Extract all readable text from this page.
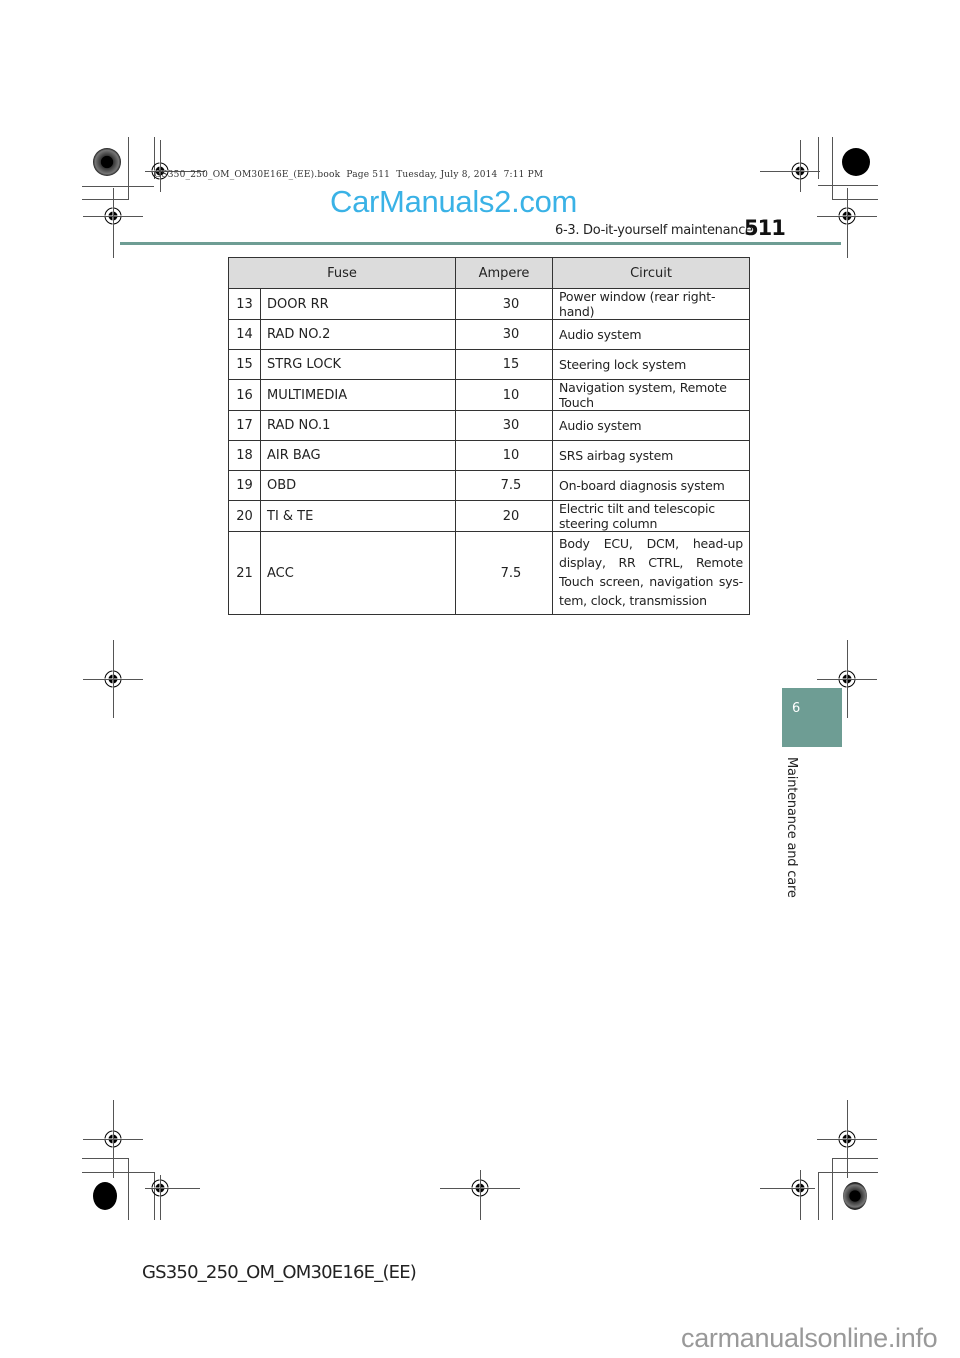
GS350_250_OM_OM30E16E_(EE).book  Page 511  Tuesday, July 8, 2014  7:11 PM
CarManuals2.com
6-3. Do-it-yourself maintenance
511
Fuse		Ampere	Circuit
13	DOOR RR	30	Power window (rear right-hand)
14	RAD NO.2	30	Audio system
15	STRG LOCK	15	Steering lock system
16	MULTIMEDIA	10	Navigation system, Remote Touch
17	RAD NO.1	30	Audio system
18	AIR BAG	10	SRS airbag system
19	OBD	7.5	On-board diagnosis system
20	TI & TE	20	Electric tilt and telescopic steering column
21	ACC	7.5	Body ECU, DCM, head-up display, RR CTRL, Remote Touch screen, navigation sys-tem, clock, transmission
6
Maintenance and care
GS350_250_OM_OM30E16E_(EE)
carmanualsonline.info
